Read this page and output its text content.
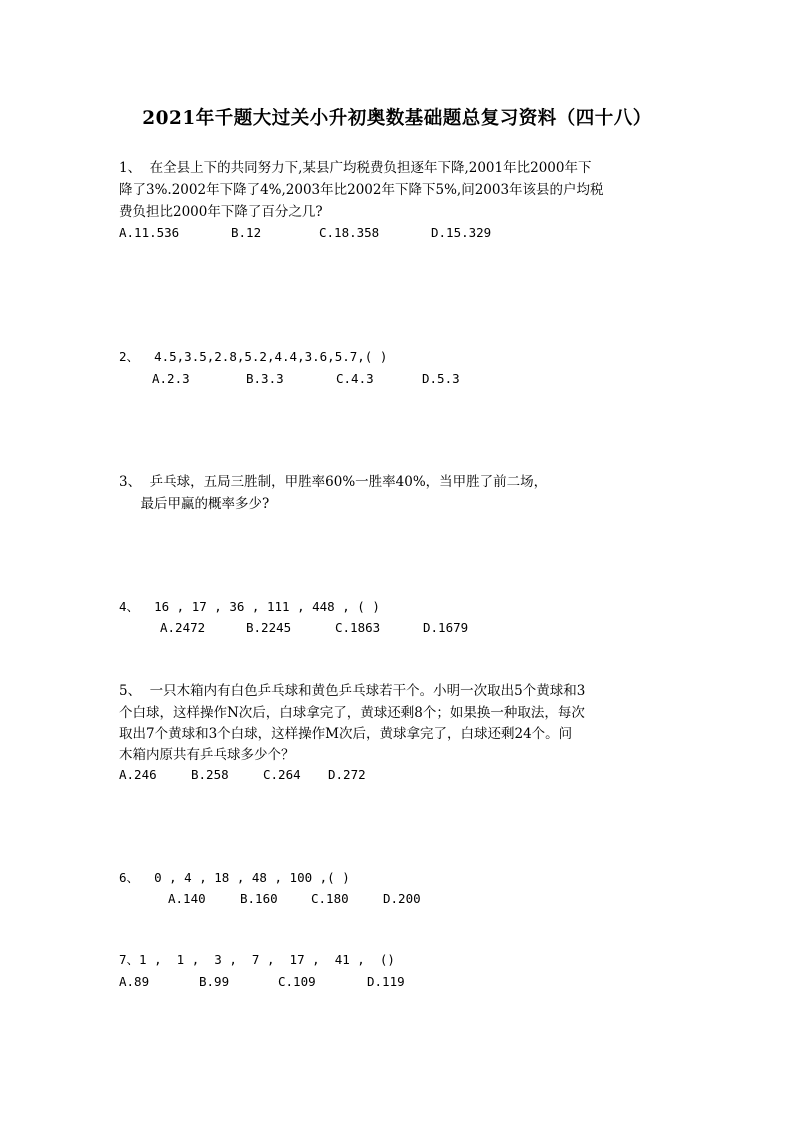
2021年千题大过关小升初奥数基础题总复习资料（四十八）
1、  在全县上下的共同努力下,某县广均税费负担逐年下降,2001年比2000年下
降了3%.2002年下降了4%,2003年比2002年下降下5%,问2003年该县的户均税
费负担比2000年下降了百分之几?
A.11.536	B.12	C.18.358	D.15.329
2、  4.5,3.5,2.8,5.2,4.4,3.6,5.7,( )
A.2.3	B.3.3	C.4.3	D.5.3
3、  乒乓球，五局三胜制，甲胜率60%一胜率40%，当甲胜了前二场，
最后甲赢的概率多少?
4、  16 , 17 , 36 , 111 , 448 , ( )
A.2472	B.2245	C.1863	D.1679
5、  一只木箱内有白色乒乓球和黄色乒乓球若干个。小明一次取出5个黄球和3
个白球，这样操作N次后，白球拿完了，黄球还剩8个；如果换一种取法，每次
取出7个黄球和3个白球，这样操作M次后，黄球拿完了，白球还剩24个。问
木箱内原共有乒乓球多少个？
A.246	B.258	C.264 D.272
6、  0 , 4 , 18 , 48 , 100 ,( )
A.140	B.160	C.180	D.200
7、1 ,  1 ,  3 ,  7 ,  17 ,  41 ,  ()
A.89	B.99	C.109	D.119
